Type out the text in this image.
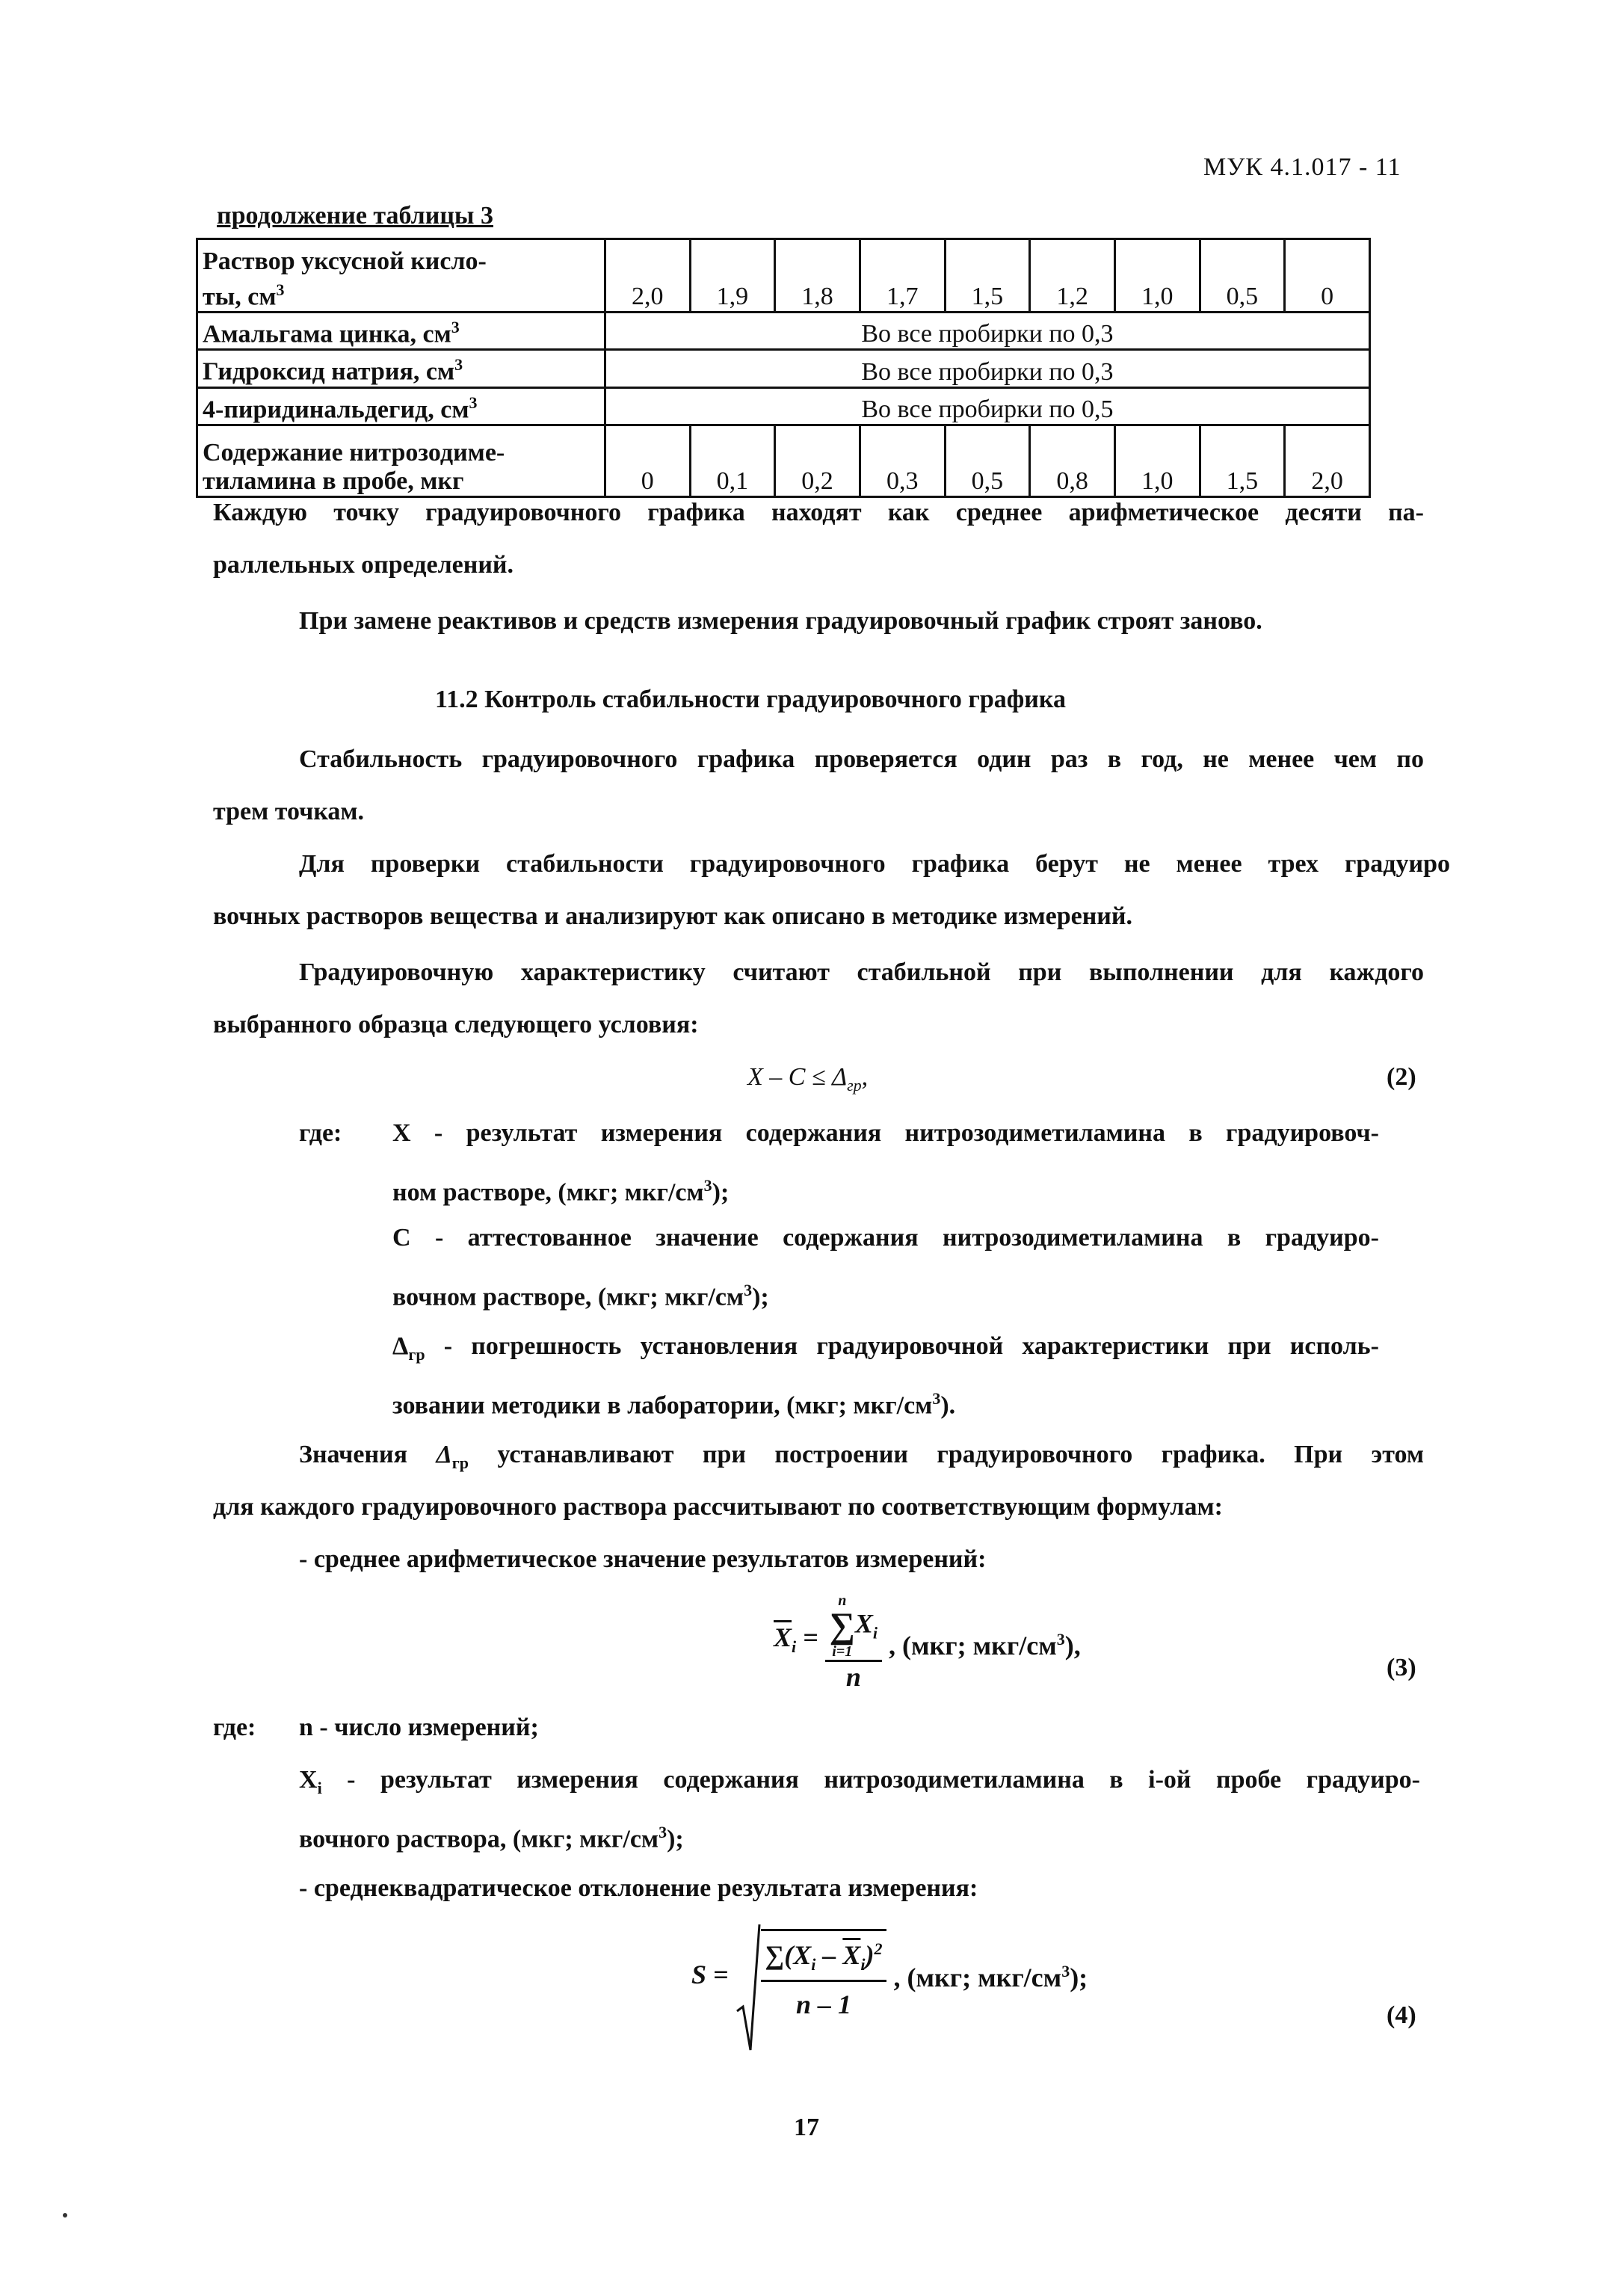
МУК 4.1.017 - 11
продолжение таблицы 3
Раствор уксусной кисло-
ты, $см^3$	2,0	1,9	1,8	1,7	1,5	1,2	1,0	0,5	0
Амальгама цинка, $см^3$	Во все пробирки по 0,3								
Гидроксид натрия, $см^3$	Во все пробирки по 0,3								
4-пиридинальдегид, $см^3$	Во все пробирки по 0,5								
Содержание нитрозодиме-
тиламина в пробе, мкг	0	0,1	0,2	0,3	0,5	0,8	1,0	1,5	2,0
Каждую точку градуировочного графика находят как среднее арифметическое десяти па-
раллельных определений.
При замене реактивов и средств измерения градуировочный график строят заново.
11.2 Контроль стабильности градуировочного графика
Стабильность градуировочного графика проверяется один раз в год, не менее чем по
трем точкам.
Для проверки стабильности градуировочного графика берут не менее трех градуиро
вочных растворов вещества и анализируют как описано в методике измерений.
Градуировочную характеристику считают стабильной при выполнении для каждого
выбранного образца следующего условия:
$X - C \le \Delta_{гр}$,	(2)
где: X - результат измерения содержания нитрозодиметиламина в градуировоч-
ном растворе, (мкг; мкг/$см^3$);
С - аттестованное значение содержания нитрозодиметиламина в градуиро-
вочном растворе, (мкг; мкг/$см^3$);
$\Delta_{гр}$ - погрешность установления градуировочной характеристики при исполь-
зовании методики в лаборатории, (мкг; мкг/$см^3$).
Значения $\Delta_{гр}$ устанавливают при построении градуировочного графика. При этом
для каждого градуировочного раствора рассчитывают по соответствующим формулам:
- среднее арифметическое значение результатов измерений:
$\overline{X}_i = n$
∑
i=1
$X_i$
n , (мкг; мкг/$см^3$),
(3)
где: n - число измерений;
$X_i$ - результат измерения содержания нитрозодиметиламина в i-ой пробе градуиро-
вочного раствора, (мкг; мкг/$см^3$);
- среднеквадратическое отклонение результата измерения:
$S = \frac{\sum(X_i - \overline{X}_i)^2}{n - 1}$ , (мкг; мкг/$см^3$);
(4)
17
